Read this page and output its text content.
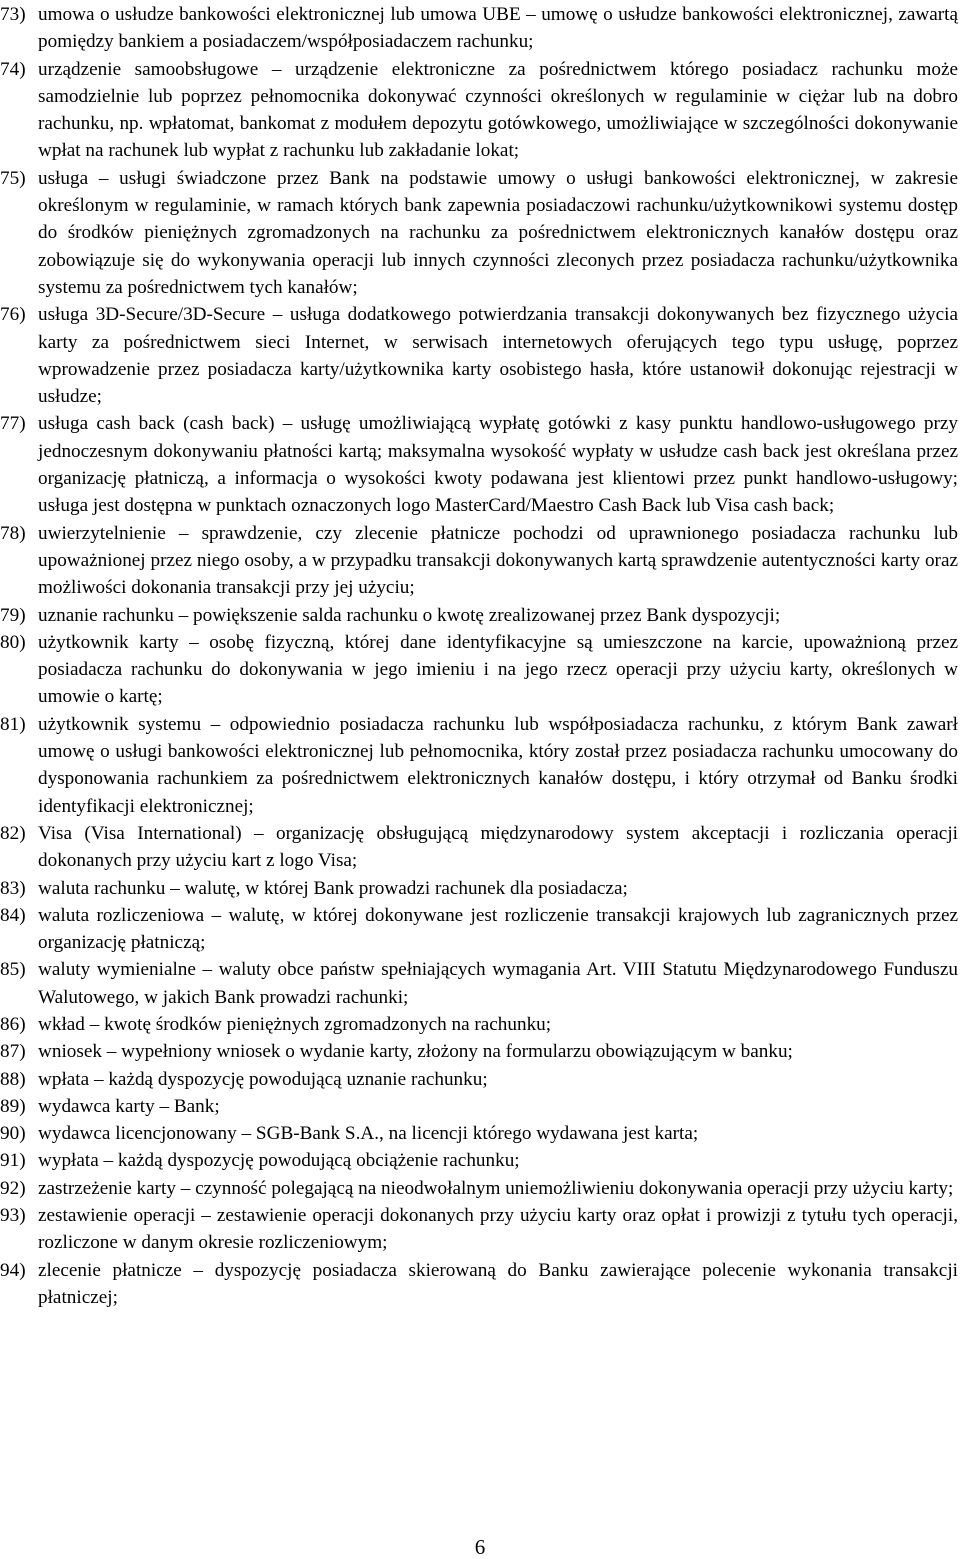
73) umowa o usłudze bankowości elektronicznej lub umowa UBE – umowę o usłudze bankowości elektronicznej, zawartą pomiędzy bankiem a posiadaczem/współposiadaczem rachunku;
74) urządzenie samoobsługowe – urządzenie elektroniczne za pośrednictwem którego posiadacz rachunku może samodzielnie lub poprzez pełnomocnika dokonywać czynności określonych w regulaminie w ciężar lub na dobro rachunku, np. wpłatomat, bankomat z modułem depozytu gotówkowego, umożliwiające w szczególności dokonywanie wpłat na rachunek lub wypłat z rachunku lub zakładanie lokat;
75) usługa – usługi świadczone przez Bank na podstawie umowy o usługi bankowości elektronicznej, w zakresie określonym w regulaminie, w ramach których bank zapewnia posiadaczowi rachunku/użytkownikowi systemu dostęp do środków pieniężnych zgromadzonych na rachunku za pośrednictwem elektronicznych kanałów dostępu oraz zobowiązuje się do wykonywania operacji lub innych czynności zleconych przez posiadacza rachunku/użytkownika systemu za pośrednictwem tych kanałów;
76) usługa 3D-Secure/3D-Secure – usługa dodatkowego potwierdzania transakcji dokonywanych bez fizycznego użycia karty za pośrednictwem sieci Internet, w serwisach internetowych oferujących tego typu usługę, poprzez wprowadzenie przez posiadacza karty/użytkownika karty osobistego hasła, które ustanowił dokonując rejestracji w usłudze;
77) usługa cash back (cash back) – usługę umożliwiającą wypłatę gotówki z kasy punktu handlowo-usługowego przy jednoczesnym dokonywaniu płatności kartą; maksymalna wysokość wypłaty w usłudze cash back jest określana przez organizację płatniczą, a informacja o wysokości kwoty podawana jest klientowi przez punkt handlowo-usługowy; usługa jest dostępna w punktach oznaczonych logo MasterCard/Maestro Cash Back lub Visa cash back;
78) uwierzytelnienie – sprawdzenie, czy zlecenie płatnicze pochodzi od uprawnionego posiadacza rachunku lub upoważnionej przez niego osoby, a w przypadku transakcji dokonywanych kartą sprawdzenie autentyczności karty oraz możliwości dokonania transakcji przy jej użyciu;
79) uznanie rachunku – powiększenie salda rachunku o kwotę zrealizowanej przez Bank dyspozycji;
80) użytkownik karty – osobę fizyczną, której dane identyfikacyjne są umieszczone na karcie, upoważnioną przez posiadacza rachunku do dokonywania w jego imieniu i na jego rzecz operacji przy użyciu karty, określonych w umowie o kartę;
81) użytkownik systemu – odpowiednio posiadacza rachunku lub współposiadacza rachunku, z którym Bank zawarł umowę o usługi bankowości elektronicznej lub pełnomocnika, który został przez posiadacza rachunku umocowany do dysponowania rachunkiem za pośrednictwem elektronicznych kanałów dostępu, i który otrzymał od Banku środki identyfikacji elektronicznej;
82) Visa (Visa International) – organizację obsługującą międzynarodowy system akceptacji i rozliczania operacji dokonanych przy użyciu kart z logo Visa;
83) waluta rachunku – walutę, w której Bank prowadzi rachunek dla posiadacza;
84) waluta rozliczeniowa – walutę, w której dokonywane jest rozliczenie transakcji krajowych lub zagranicznych przez organizację płatniczą;
85) waluty wymienialne – waluty obce państw spełniających wymagania Art. VIII Statutu Międzynarodowego Funduszu Walutowego, w jakich Bank prowadzi rachunki;
86) wkład – kwotę środków pieniężnych zgromadzonych na rachunku;
87) wniosek – wypełniony wniosek o wydanie karty, złożony na formularzu obowiązującym w banku;
88) wpłata – każdą dyspozycję powodującą uznanie rachunku;
89) wydawca karty – Bank;
90) wydawca licencjonowany – SGB-Bank S.A., na licencji którego wydawana jest karta;
91) wypłata – każdą dyspozycję powodującą obciążenie rachunku;
92) zastrzeżenie karty – czynność polegającą na nieodwołalnym uniemożliwieniu dokonywania operacji przy użyciu karty;
93) zestawienie operacji – zestawienie operacji dokonanych przy użyciu karty oraz opłat i prowizji z tytułu tych operacji, rozliczone w danym okresie rozliczeniowym;
94) zlecenie płatnicze – dyspozycję posiadacza skierowaną do Banku zawierające polecenie wykonania transakcji płatniczej;
6
